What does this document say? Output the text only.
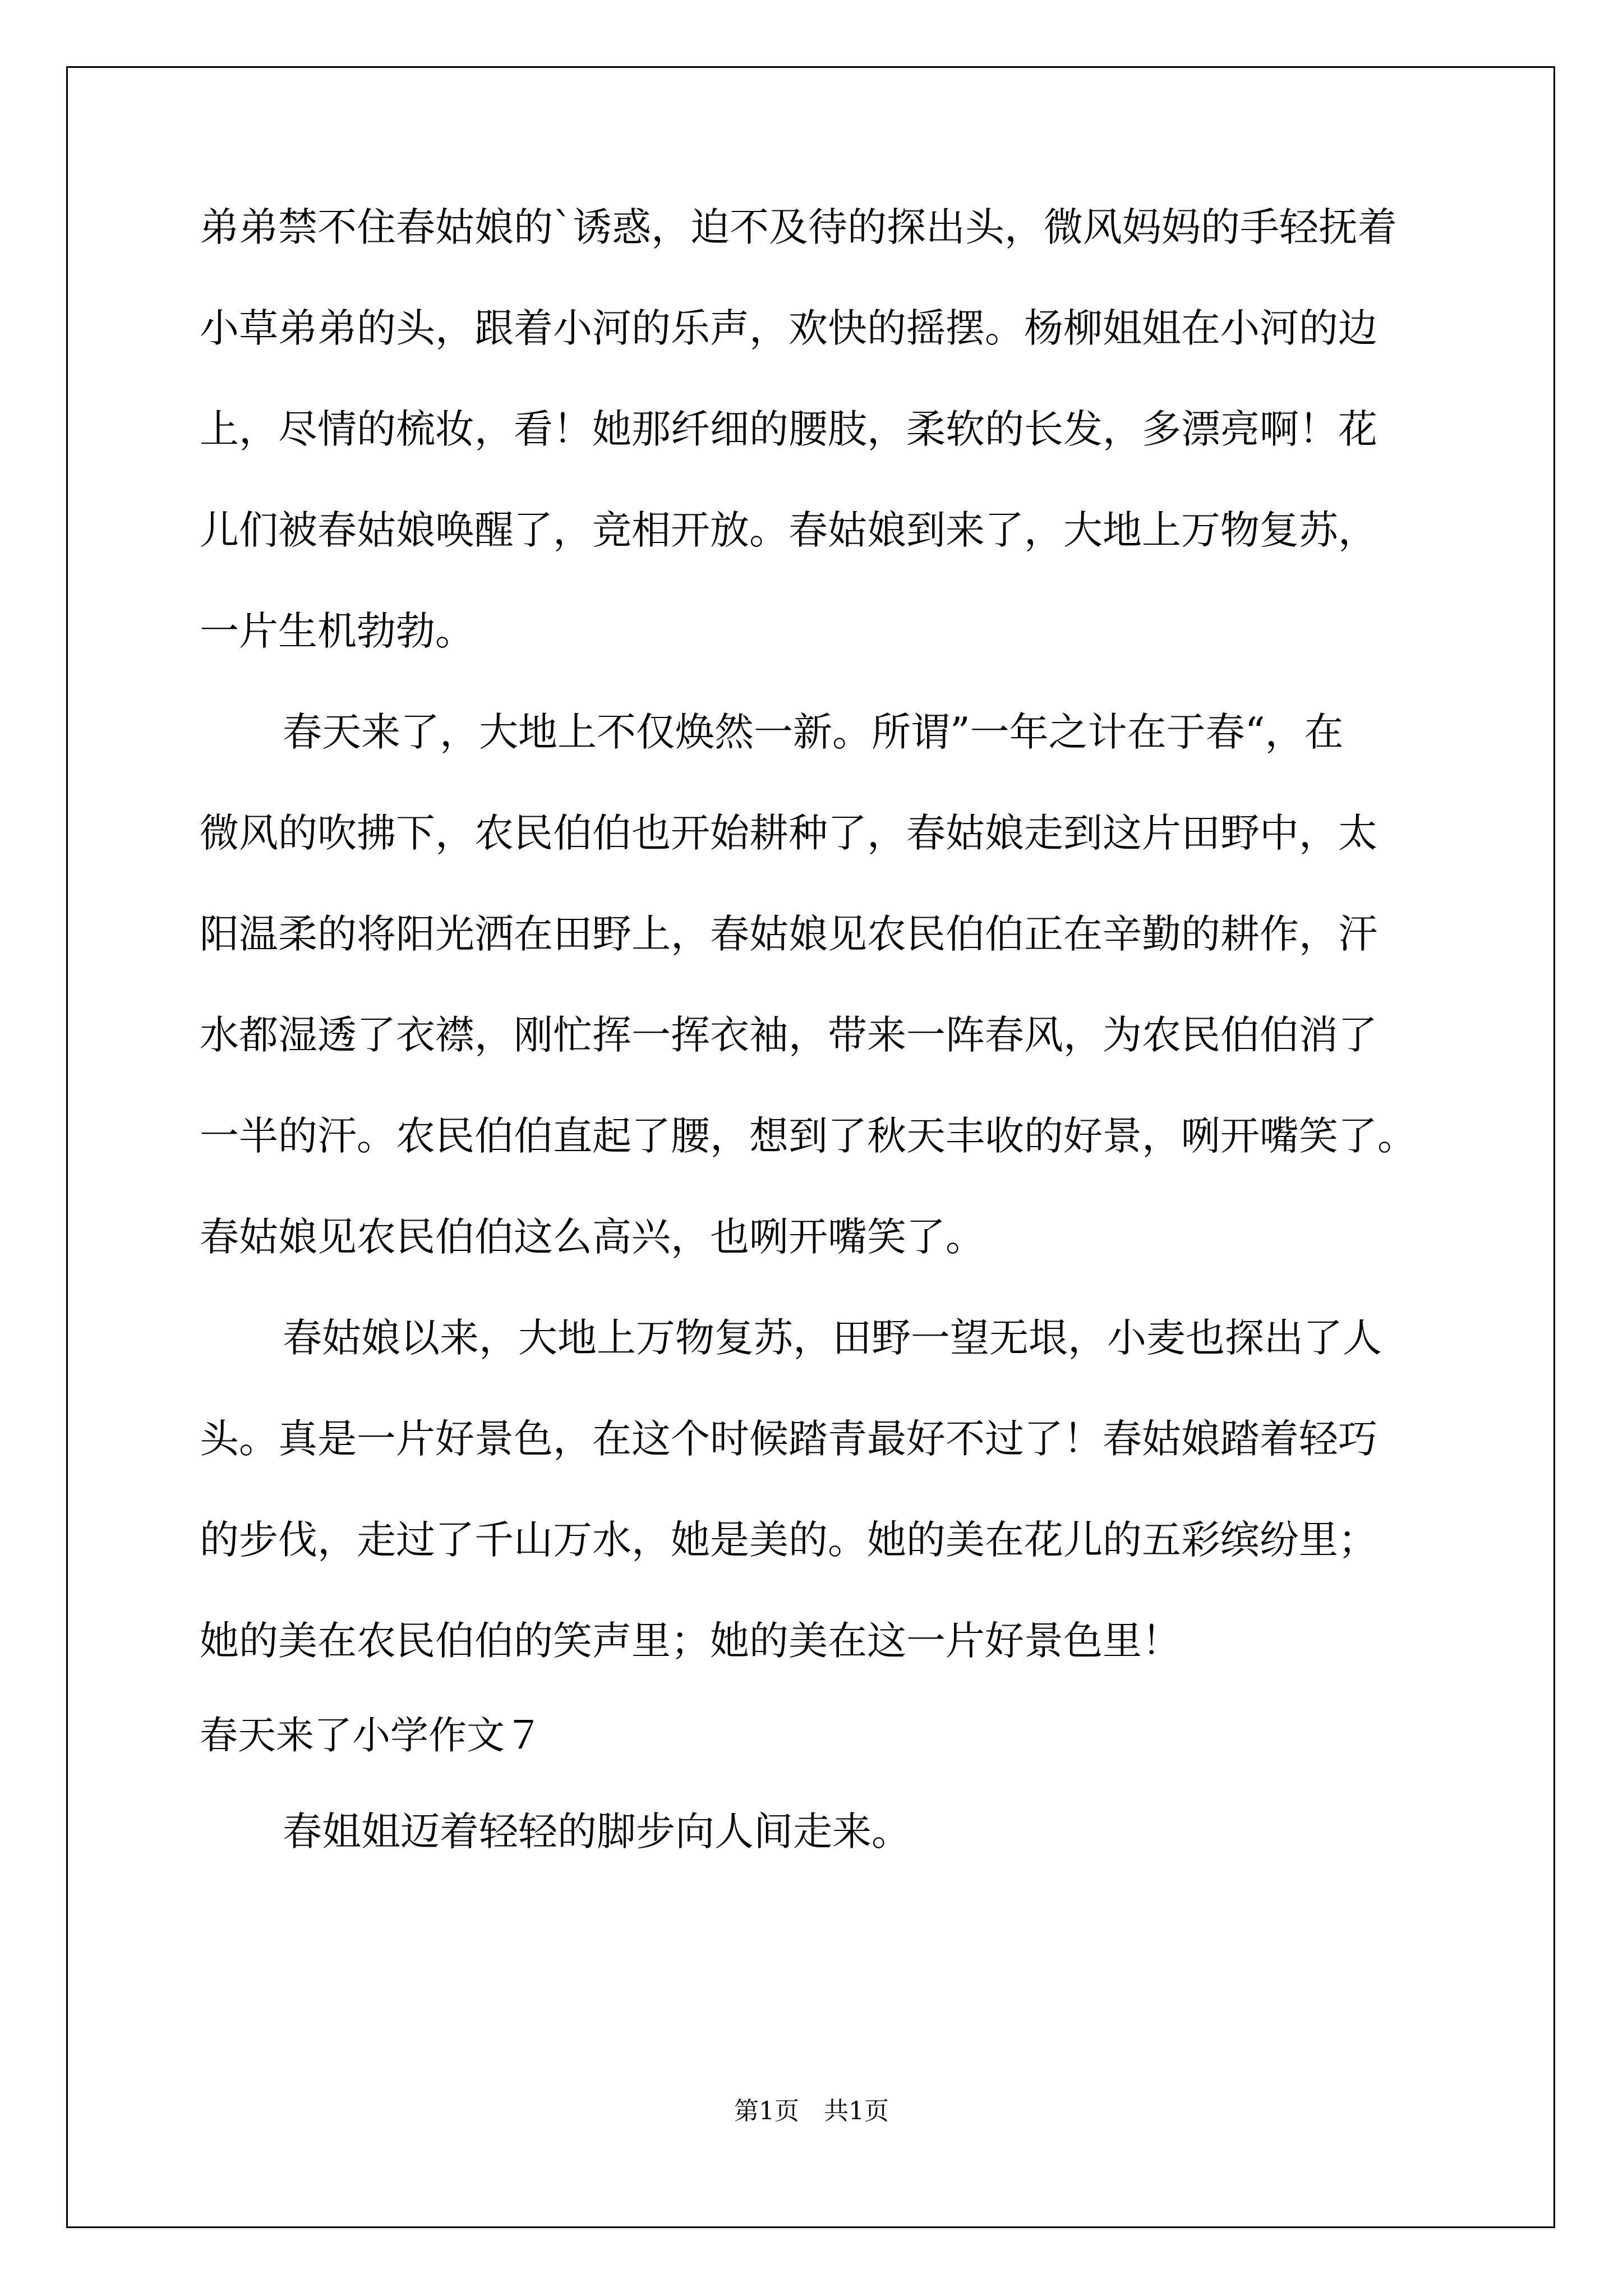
弟弟禁不住春姑娘的`诱惑，迫不及待的探出头，微风妈妈的手轻抚着
小草弟弟的头，跟着小河的乐声，欢快的摇摆。杨柳姐姐在小河的边
上，尽情的梳妆，看！她那纤细的腰肢，柔软的长发，多漂亮啊！花
儿们被春姑娘唤醒了，竞相开放。春姑娘到来了，大地上万物复苏，
一片生机勃勃。
春天来了，大地上不仅焕然一新。所谓”一年之计在于春“，在
微风的吹拂下，农民伯伯也开始耕种了，春姑娘走到这片田野中，太
阳温柔的将阳光洒在田野上，春姑娘见农民伯伯正在辛勤的耕作，汗
水都湿透了衣襟，刚忙挥一挥衣袖，带来一阵春风，为农民伯伯消了
一半的汗。农民伯伯直起了腰，想到了秋天丰收的好景，咧开嘴笑了。
春姑娘见农民伯伯这么高兴，也咧开嘴笑了。
春姑娘以来，大地上万物复苏，田野一望无垠，小麦也探出了人
头。真是一片好景色，在这个时候踏青最好不过了！春姑娘踏着轻巧
的步伐，走过了千山万水，她是美的。她的美在花儿的五彩缤纷里；
她的美在农民伯伯的笑声里；她的美在这一片好景色里！
春天来了小学作文７
春姐姐迈着轻轻的脚步向人间走来。
第1页　共1页
